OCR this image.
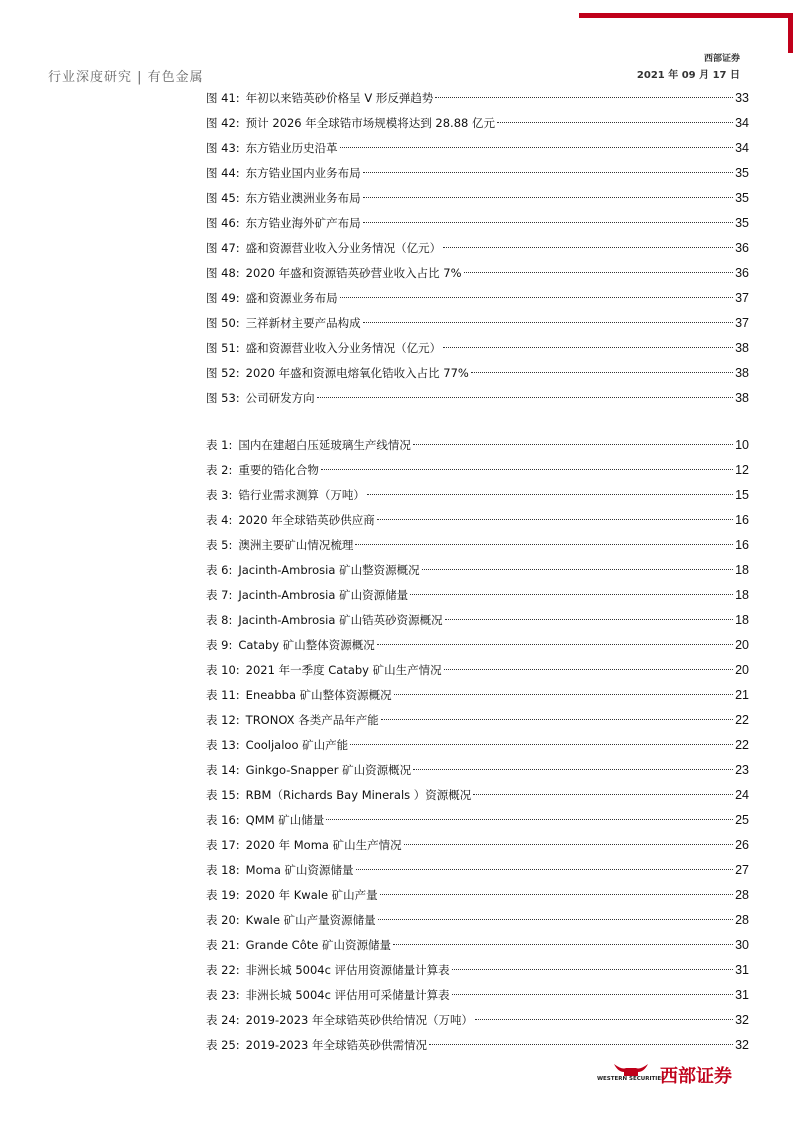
行业深度研究 | 有色金属
西部证券
2021 年 09 月 17 日
图 41: 年初以来锆英砂价格呈 V 形反弹趋势	33
图 42: 预计 2026 年全球锆市场规模将达到 28.88 亿元	34
图 43: 东方锆业历史沿革	34
图 44: 东方锆业国内业务布局	35
图 45: 东方锆业澳洲业务布局	35
图 46: 东方锆业海外矿产布局	35
图 47: 盛和资源营业收入分业务情况（亿元）	36
图 48: 2020 年盛和资源锆英砂营业收入占比 7%	36
图 49: 盛和资源业务布局	37
图 50: 三祥新材主要产品构成	37
图 51: 盛和资源营业收入分业务情况（亿元）	38
图 52: 2020 年盛和资源电熔氧化锆收入占比 77%	38
图 53: 公司研发方向	38
表 1: 国内在建超白压延玻璃生产线情况	10
表 2: 重要的锆化合物	12
表 3: 锆行业需求测算（万吨）	15
表 4: 2020 年全球锆英砂供应商	16
表 5: 澳洲主要矿山情况梳理	16
表 6: Jacinth-Ambrosia 矿山整资源概况	18
表 7: Jacinth-Ambrosia 矿山资源储量	18
表 8: Jacinth-Ambrosia 矿山锆英砂资源概况	18
表 9: Cataby 矿山整体资源概况	20
表 10: 2021 年一季度 Cataby 矿山生产情况	20
表 11: Eneabba 矿山整体资源概况	21
表 12: TRONOX 各类产品年产能	22
表 13: Cooljaloo 矿山产能	22
表 14: Ginkgo-Snapper 矿山资源概况	23
表 15: RBM（Richards Bay Minerals ）资源概况	24
表 16: QMM 矿山储量	25
表 17: 2020 年 Moma 矿山生产情况	26
表 18: Moma 矿山资源储量	27
表 19: 2020 年 Kwale 矿山产量	28
表 20: Kwale 矿山产量资源储量	28
表 21: Grande Côte 矿山资源储量	30
表 22: 非洲长城 5004c 评估用资源储量计算表	31
表 23: 非洲长城 5004c 评估用可采储量计算表	31
表 24: 2019-2023 年全球锆英砂供给情况（万吨）	32
表 25: 2019-2023 年全球锆英砂供需情况	32
WESTERN SECURITIES
西部证券
